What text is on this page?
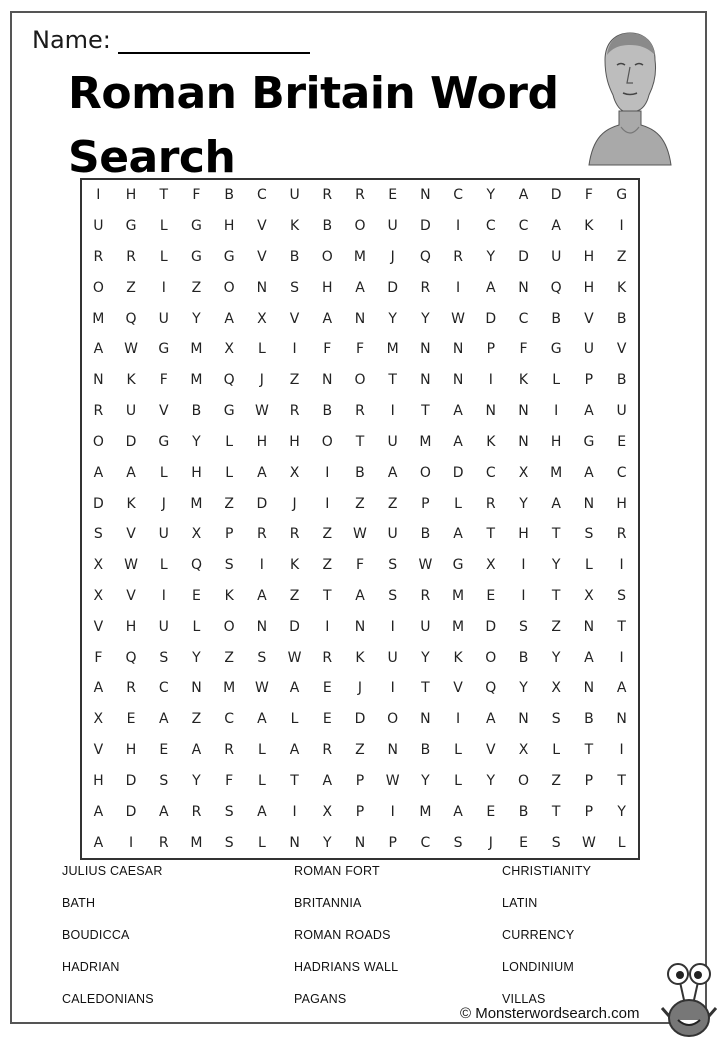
Name:
Roman Britain Word Search
I	H	T	F	B	C	U	R	R	E	N	C	Y	A	D	F	G
U	G	L	G	H	V	K	B	O	U	D	I	C	C	A	K	I
R	R	L	G	G	V	B	O	M	J	Q	R	Y	D	U	H	Z
O	Z	I	Z	O	N	S	H	A	D	R	I	A	N	Q	H	K
M	Q	U	Y	A	X	V	A	N	Y	Y	W	D	C	B	V	B
A	W	G	M	X	L	I	F	F	M	N	N	P	F	G	U	V
N	K	F	M	Q	J	Z	N	O	T	N	N	I	K	L	P	B
R	U	V	B	G	W	R	B	R	I	T	A	N	N	I	A	U
O	D	G	Y	L	H	H	O	T	U	M	A	K	N	H	G	E
A	A	L	H	L	A	X	I	B	A	O	D	C	X	M	A	C
D	K	J	M	Z	D	J	I	Z	Z	P	L	R	Y	A	N	H
S	V	U	X	P	R	R	Z	W	U	B	A	T	H	T	S	R
X	W	L	Q	S	I	K	Z	F	S	W	G	X	I	Y	L	I
X	V	I	E	K	A	Z	T	A	S	R	M	E	I	T	X	S
V	H	U	L	O	N	D	I	N	I	U	M	D	S	Z	N	T
F	Q	S	Y	Z	S	W	R	K	U	Y	K	O	B	Y	A	I
A	R	C	N	M	W	A	E	J	I	T	V	Q	Y	X	N	A
X	E	A	Z	C	A	L	E	D	O	N	I	A	N	S	B	N
V	H	E	A	R	L	A	R	Z	N	B	L	V	X	L	T	I
H	D	S	Y	F	L	T	A	P	W	Y	L	Y	O	Z	P	T
A	D	A	R	S	A	I	X	P	I	M	A	E	B	T	P	Y
A	I	R	M	S	L	N	Y	N	P	C	S	J	E	S	W	L
JULIUS CAESAR	ROMAN FORT	CHRISTIANITY
BATH	BRITANNIA	LATIN
BOUDICCA	ROMAN ROADS	CURRENCY
HADRIAN	HADRIANS WALL	LONDINIUM
CALEDONIANS	PAGANS	VILLAS
© Monsterwordsearch.com
